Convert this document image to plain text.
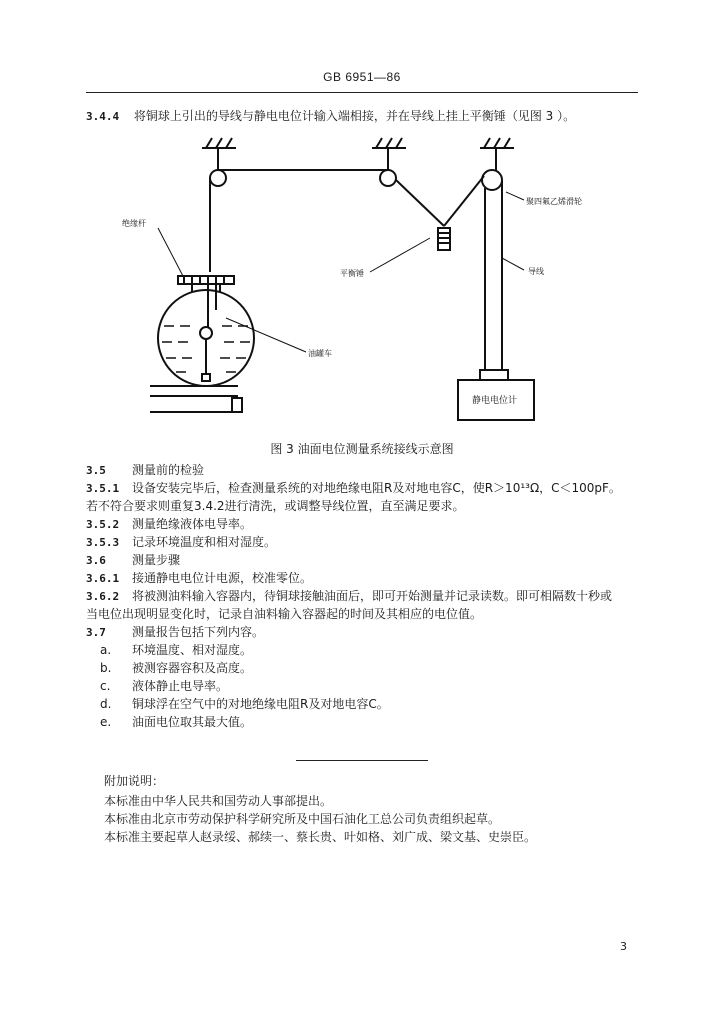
GB 6951—86
3.4.4 将铜球上引出的导线与静电电位计输入端相接，并在导线上挂上平衡锤（见图 3 ）。
绝缘杆
聚四氟乙烯滑轮
平衡锤	导线
油罐车
静电电位计
图 3 油面电位测量系统接线示意图
3.5 测量前的检验
3.5.1 设备安装完毕后，检查测量系统的对地绝缘电阻R及对地电容C，使R＞10¹³Ω，C＜100pF。
若不符合要求则重复3.4.2进行清洗，或调整导线位置，直至满足要求。
3.5.2 测量绝缘液体电导率。
3.5.3 记录环境温度和相对湿度。
3.6 测量步骤
3.6.1 接通静电电位计电源，校准零位。
3.6.2 将被测油料输入容器内，待铜球接触油面后，即可开始测量并记录读数。即可相隔数十秒或
当电位出现明显变化时，记录自油料输入容器起的时间及其相应的电位值。
3.7 测量报告包括下列内容。
a. 环境温度、相对湿度。
b. 被测容器容积及高度。
c. 液体静止电导率。
d. 铜球浮在空气中的对地绝缘电阻R及对地电容C。
e. 油面电位取其最大值。
附加说明：
本标准由中华人民共和国劳动人事部提出。
本标准由北京市劳动保护科学研究所及中国石油化工总公司负责组织起草。
本标准主要起草人赵录绥、郝续一、蔡长贵、叶如格、刘广成、梁文基、史崇臣。
3
